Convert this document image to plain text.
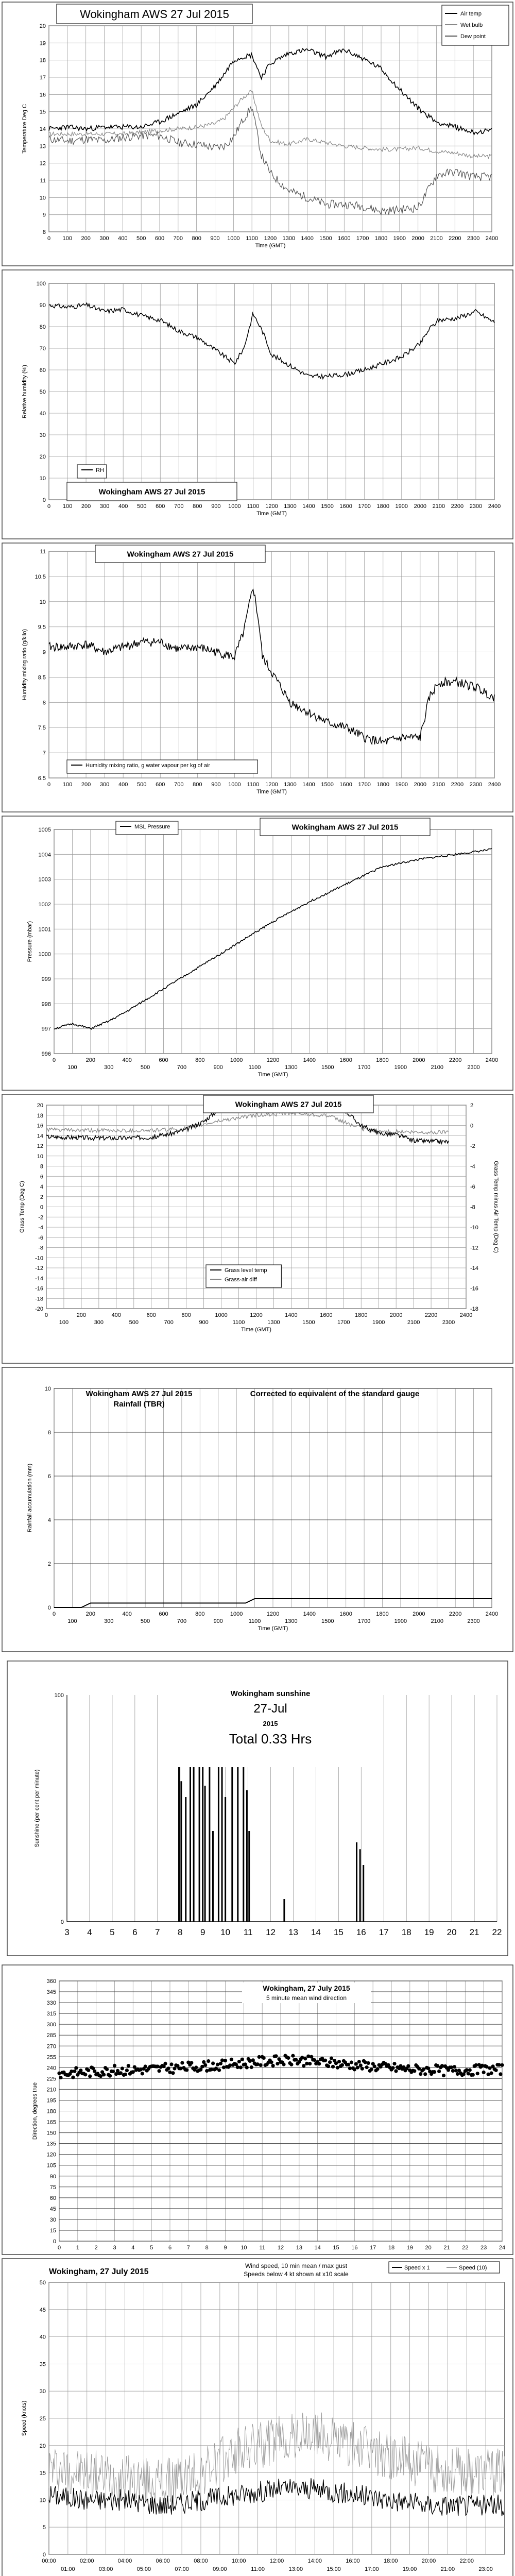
0 100 200 300 400 500 600 700 800 900 1000 1100 1200 1300 1400 1500 1600 1700 1800 1900 2000 2100 2200 2300 2400
8
9
10
11
12
13
14
15
16
17
18
19
20
Time (GMT)
Temperature Deg C
Wokingham AWS 27 Jul 2015	Air temp
Wet bulb
Dew point
0 100 200 300 400 500 600 700 800 900 1000 1100 1200 1300 1400 1500 1600 1700 1800 1900 2000 2100 2200 2300 2400
0
10
20
30
40
50
60
70
80
90
100
Time (GMT)
Relative humidity (%)
RH
Wokingham AWS 27 Jul 2015
0 100 200 300 400 500 600 700 800 900 1000 1100 1200 1300 1400 1500 1600 1700 1800 1900 2000 2100 2200 2300 2400
6.5
7
7.5
8
8.5
9
9.5
10
10.5
11
Time (GMT)
Humidity mixing ratio (g/kilo)
Wokingham AWS 27 Jul 2015
Humidity mixing ratio, g water vapour per kg of air
0	200	400	600	800	1000	1200	1400	1600	1800	2000	2200	2400
100	300	500	700	900	1100	1300	1500	1700	1900	2100	2300
996
997
998
999
1000
1001
1002
1003
1004
1005
Time (GMT)
Pressure (mbar)
MSL Pressure	Wokingham AWS 27 Jul 2015
0	200	400	600	800	1000	1200	1400	1600	1800	2000	2200	2400
100	300	500	700	900	1100	1300	1500	1700	1900	2100	2300
-20
-18
-16
-14
-12
-10
-8
-6
-4
-2
0
2
4
6
8
10
12
14
16
18
20
Time (GMT)
Grass Temp (Deg C)
-18
-16
-14
-12
-10
-8
-6
-4
-2
0
2
Grass Temp minus Air Temp (Deg C)
Wokingham AWS 27 Jul 2015
Grass level temp
Grass-air diff
0	200	400	600	800	1000	1200	1400	1600	1800	2000	2200	2400
100	300	500	700	900	1100	1300	1500	1700	1900	2100	2300
0
2
4
6
8
10
Time (GMT)
Rainfall accumulation (mm)
Wokingham AWS 27 Jul 2015
Rainfall (TBR)
Corrected to equivalent of the standard gauge
3 4 5 6 7 8 9 10 11 12 13 14 15 16 17 18 19 20 21 22
0
100
Sunshine (per cent per minute)
Wokingham sunshine
27-Jul
2015
Total 0.33 Hrs
0	1	2	3	4	5	6	7	8	9 10 11 12 13 14 15 16 17 18 19 20 21 22 23 24
0
15
30
45
60
75
90
105
120
135
150
165
180
195
210
225
240
255
270
285
300
315
330
345
360
Direction, degrees true
Wokingham, 27 July 2015
5 minute mean wind direction
0
5
10
15
20
25
30
35
40
45
50
00:00	02:00	04:00	06:00	08:00	10:00	12:00	14:00	16:00	18:00	20:00	22:00
01:00	03:00	05:00	07:00	09:00	11:00	13:00	15:00	17:00	19:00	21:00	23:00
Speed (knots)
Wokingham, 27 July 2015
Wind speed, 10 min mean / max gust
Speeds below 4 kt shown at x10 scale
Speed x 1	Speed (10)
